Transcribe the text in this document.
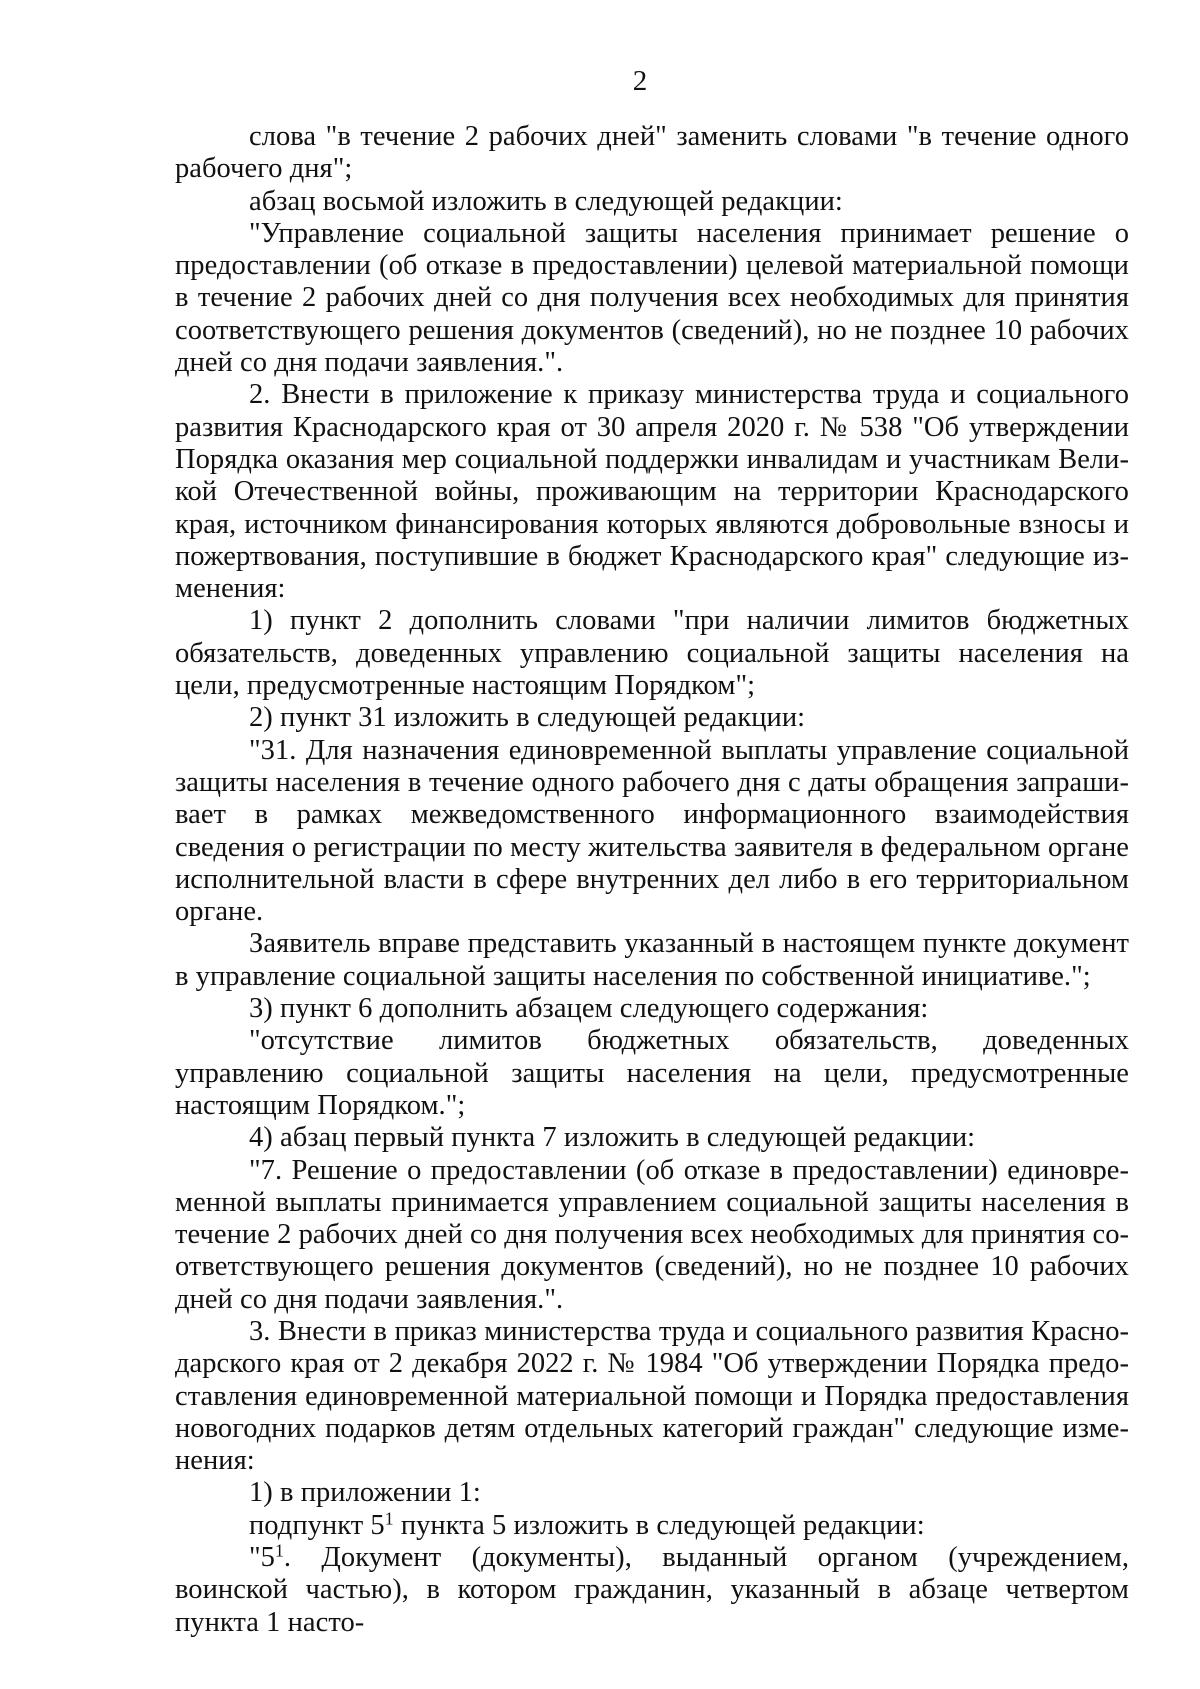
2

слова "в течение 2 рабочих дней" заменить словами "в течение одного рабочего дня";

абзац восьмой изложить в следующей редакции:

"Управление социальной защиты населения принимает решение о предоставлении (об отказе в предоставлении) целевой материальной помощи в течение 2 рабочих дней со дня получения всех необходимых для принятия соответствующего решения документов (сведений), но не позднее 10 рабочих дней со дня подачи заявления.".

2. Внести в приложение к приказу министерства труда и социального развития Краснодарского края от 30 апреля 2020 г. № 538 "Об утверждении Порядка оказания мер социальной поддержки инвалидам и участникам Великой Отечественной войны, проживающим на территории Краснодарского края, источником финансирования которых являются добровольные взносы и пожертвования, поступившие в бюджет Краснодарского края" следующие изменения:

1) пункт 2 дополнить словами "при наличии лимитов бюджетных обязательств, доведенных управлению социальной защиты населения на цели, предусмотренные настоящим Порядком";

2) пункт 31 изложить в следующей редакции:

"31. Для назначения единовременной выплаты управление социальной защиты населения в течение одного рабочего дня с даты обращения запрашивает в рамках межведомственного информационного взаимодействия сведения о регистрации по месту жительства заявителя в федеральном органе исполнительной власти в сфере внутренних дел либо в его территориальном органе.

Заявитель вправе представить указанный в настоящем пункте документ в управление социальной защиты населения по собственной инициативе.";

3) пункт 6 дополнить абзацем следующего содержания:

"отсутствие лимитов бюджетных обязательств, доведенных управлению социальной защиты населения на цели, предусмотренные настоящим Порядком.";

4) абзац первый пункта 7 изложить в следующей редакции:

"7. Решение о предоставлении (об отказе в предоставлении) единовременной выплаты принимается управлением социальной защиты населения в течение 2 рабочих дней со дня получения всех необходимых для принятия соответствующего решения документов (сведений), но не позднее 10 рабочих дней со дня подачи заявления.".

3. Внести в приказ министерства труда и социального развития Краснодарского края от 2 декабря 2022 г. № 1984 "Об утверждении Порядка предоставления единовременной материальной помощи и Порядка предоставления новогодних подарков детям отдельных категорий граждан" следующие изменения:

1) в приложении 1:

подпункт $5^1$ пункта 5 изложить в следующей редакции:

"$5^1$. Документ (документы), выданный органом (учреждением, воинской частью), в котором гражданин, указанный в абзаце четвертом пункта 1 насто-
